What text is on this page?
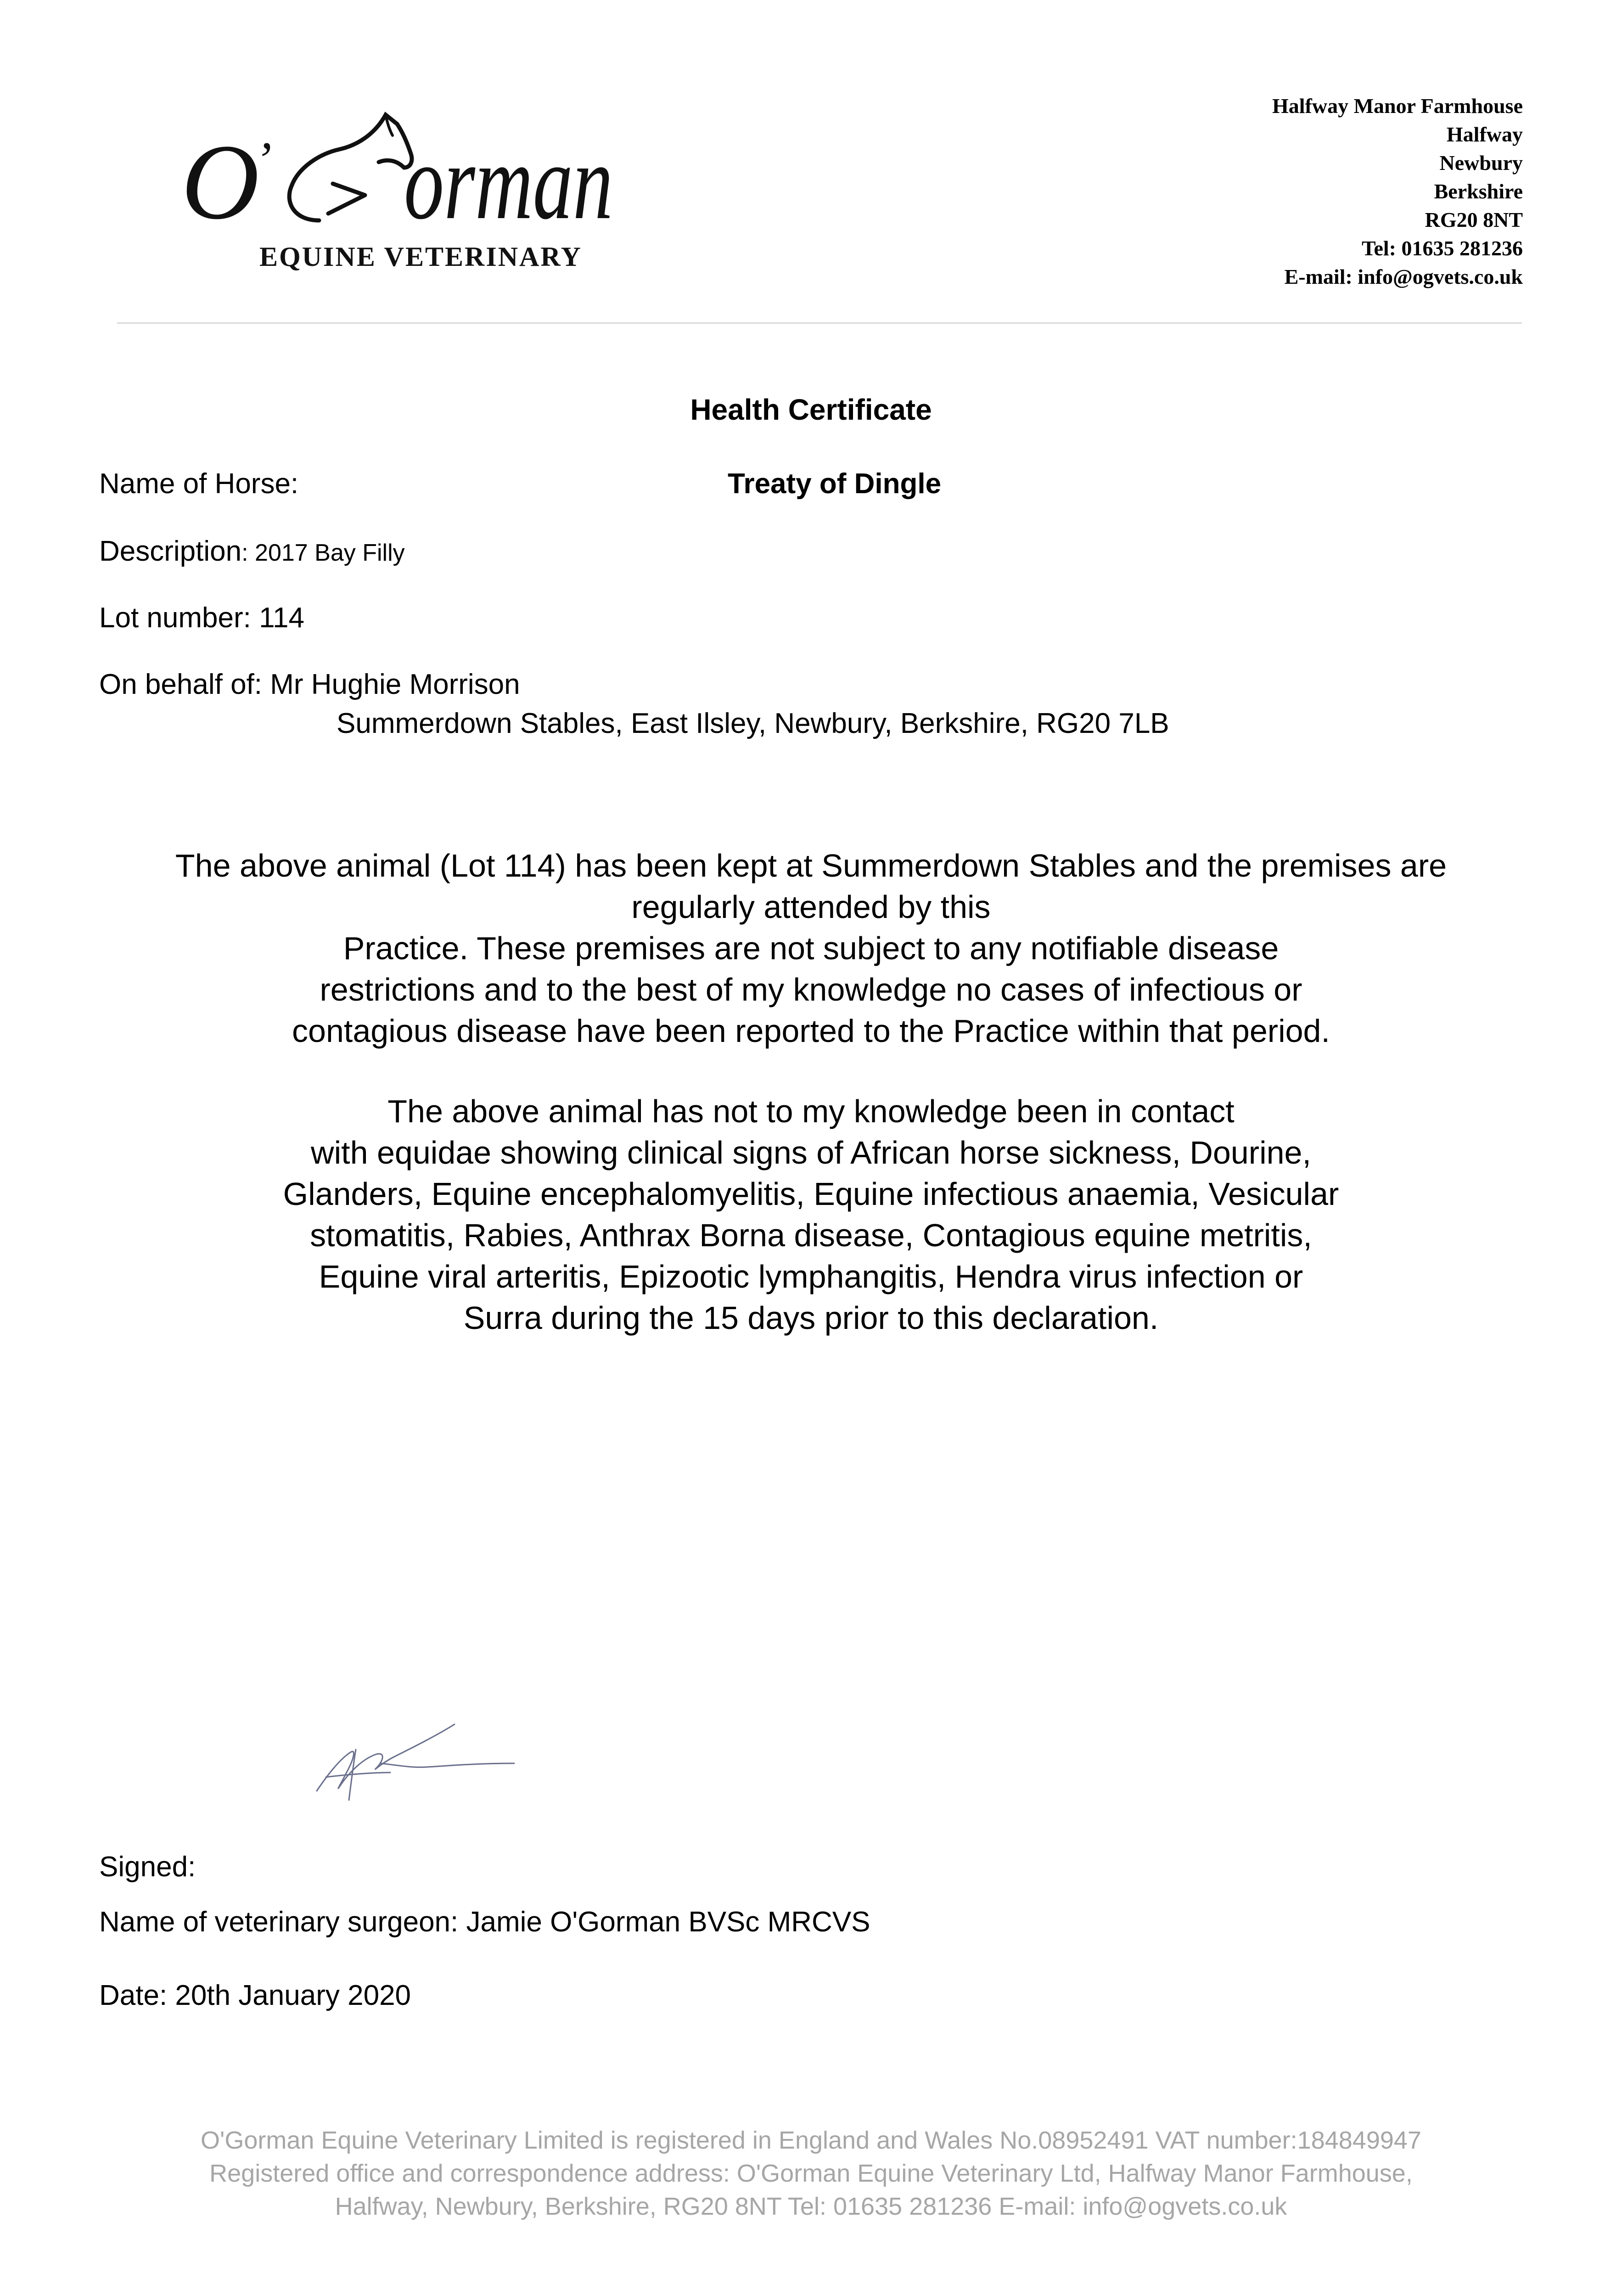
O
’ orman
EQUINE VETERINARY
Halfway Manor Farmhouse
Halfway
Newbury
Berkshire
RG20 8NT
Tel: 01635 281236
E-mail: info@ogvets.co.uk
Health Certificate
Name of Horse:	Treaty of Dingle
Description: 2017 Bay Filly
Lot number: 114
On behalf of: Mr Hughie Morrison
Summerdown Stables, East Ilsley, Newbury, Berkshire, RG20 7LB
The above animal (Lot 114) has been kept at Summerdown Stables and the premises are
regularly attended by this
Practice. These premises are not subject to any notifiable disease
restrictions and to the best of my knowledge no cases of infectious or
contagious disease have been reported to the Practice within that period.
The above animal has not to my knowledge been in contact
with equidae showing clinical signs of African horse sickness, Dourine,
Glanders, Equine encephalomyelitis, Equine infectious anaemia, Vesicular
stomatitis, Rabies, Anthrax Borna disease, Contagious equine metritis,
Equine viral arteritis, Epizootic lymphangitis, Hendra virus infection or
Surra during the 15 days prior to this declaration.
Signed:
Name of veterinary surgeon: Jamie O'Gorman BVSc MRCVS
Date: 20th January 2020
O'Gorman Equine Veterinary Limited is registered in England and Wales No.08952491 VAT number:184849947
Registered office and correspondence address: O'Gorman Equine Veterinary Ltd, Halfway Manor Farmhouse,
Halfway, Newbury, Berkshire, RG20 8NT Tel: 01635 281236 E-mail: info@ogvets.co.uk
